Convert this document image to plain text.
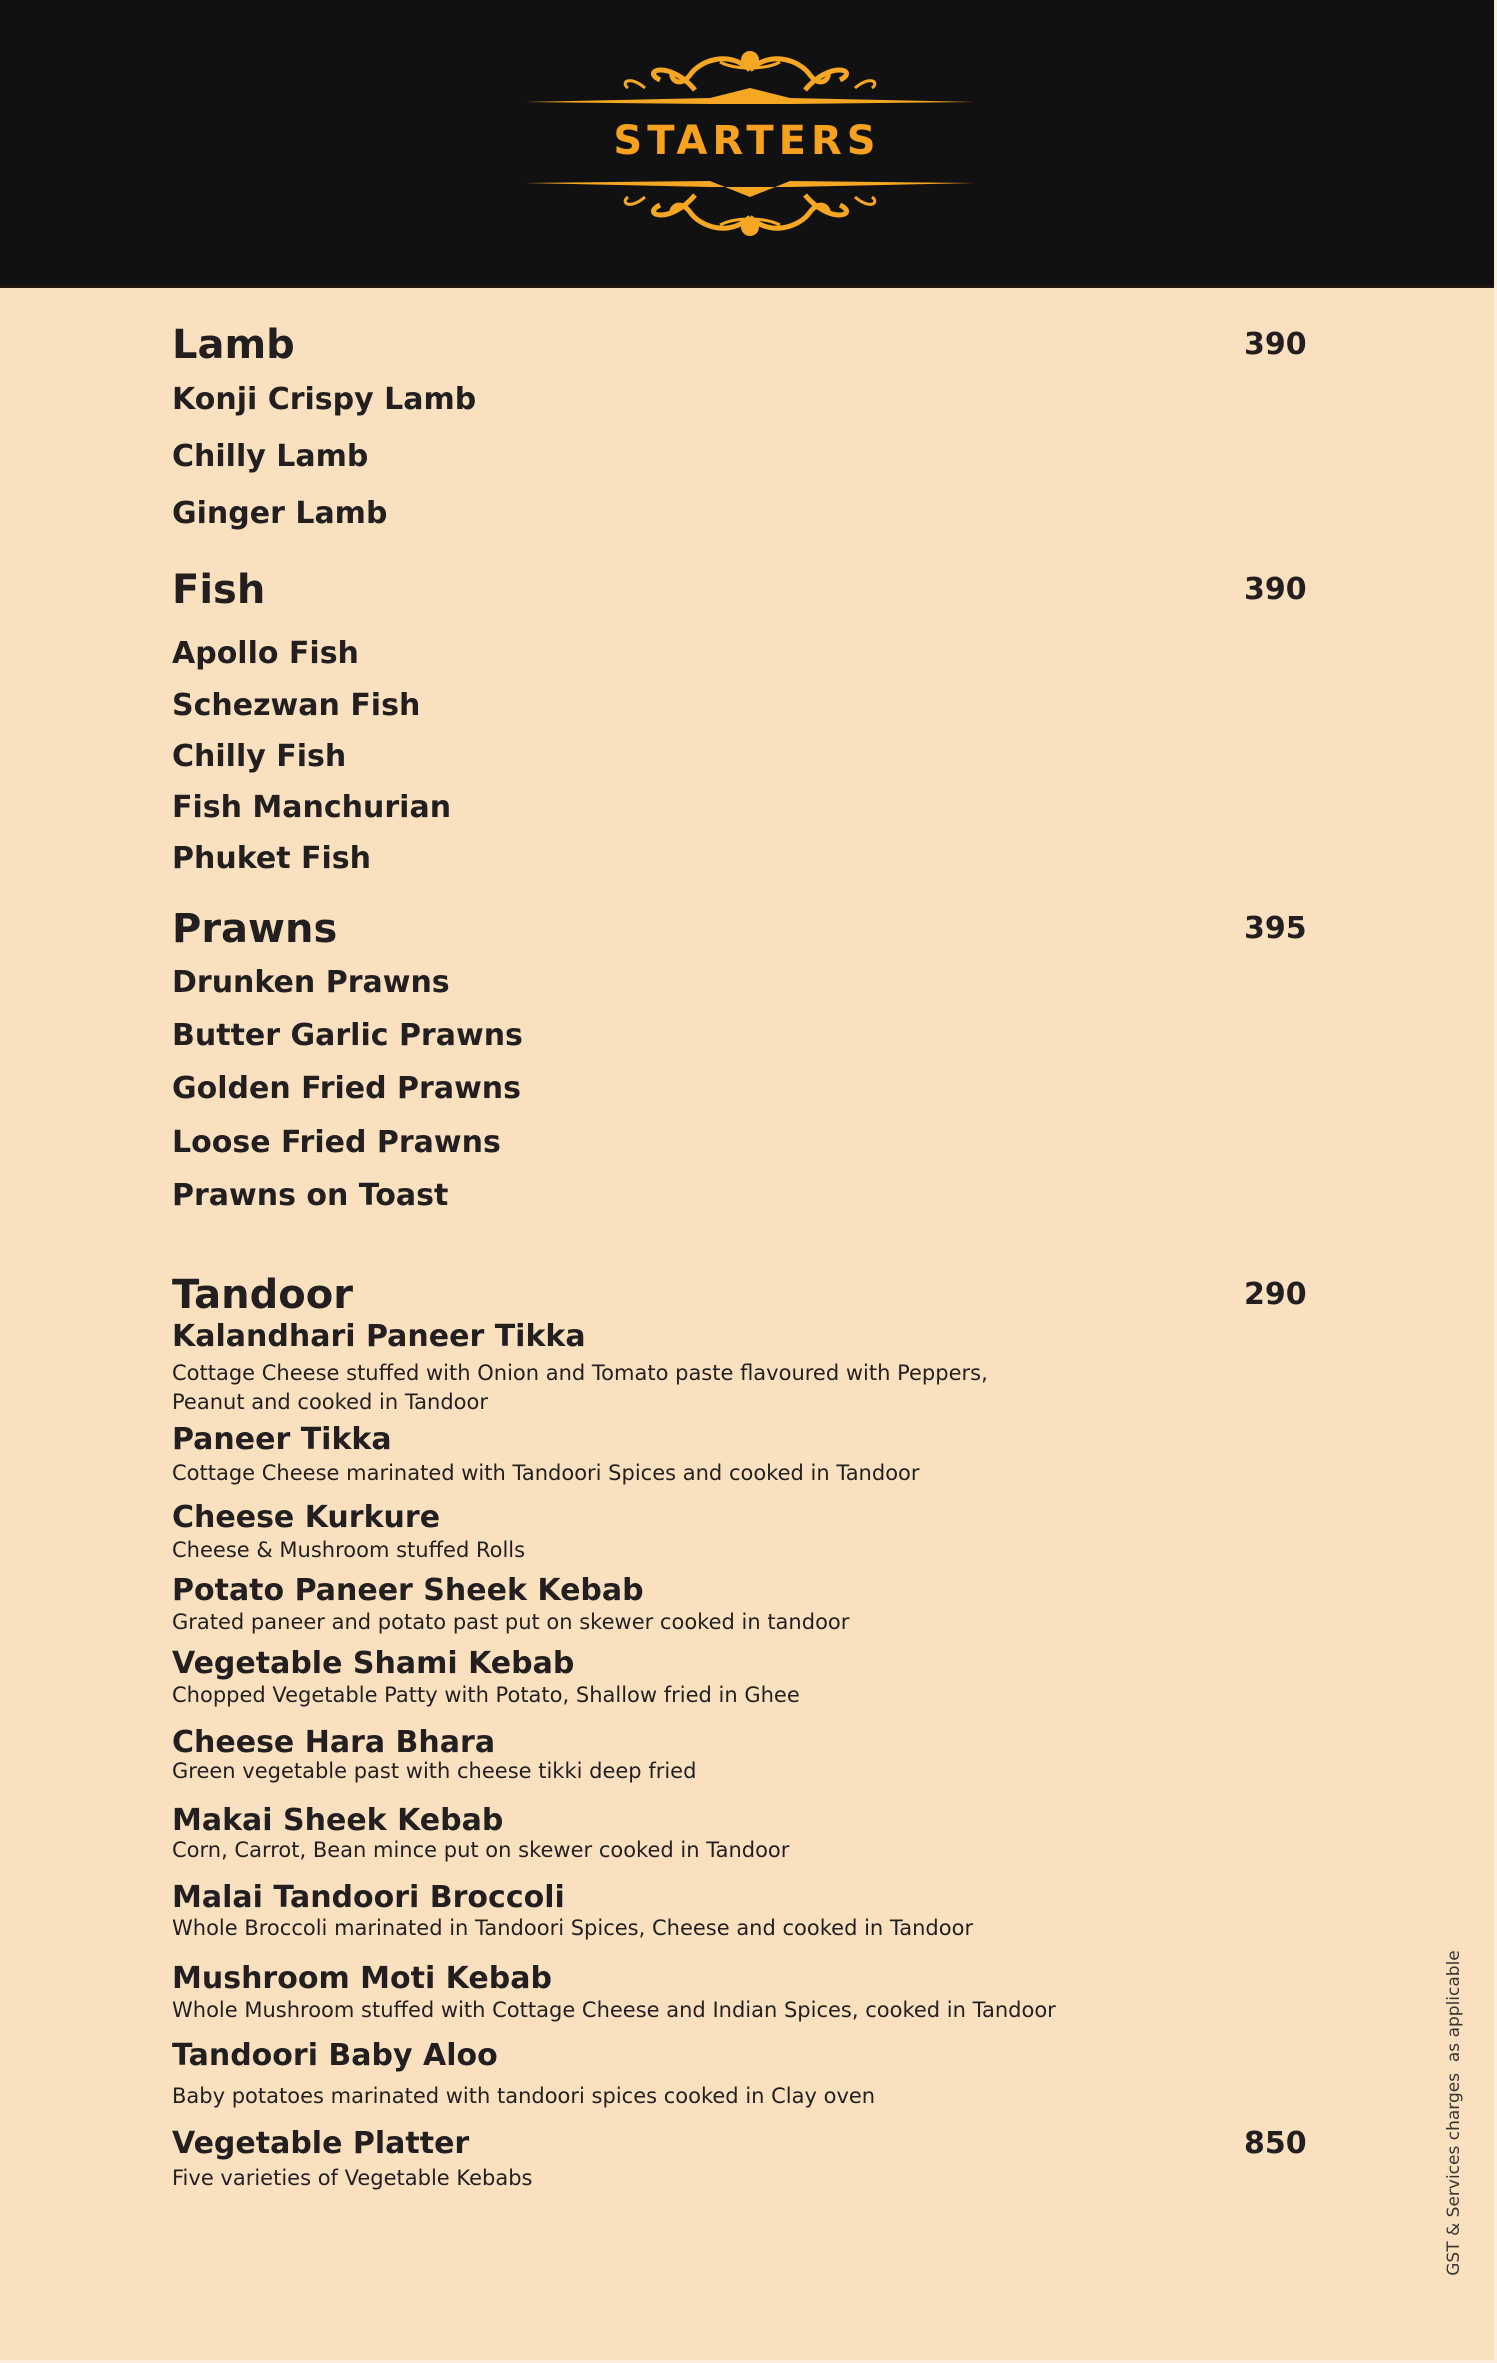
STARTERS
Lamb	390
Konji Crispy Lamb
Chilly Lamb
Ginger Lamb
Fish	390
Apollo Fish
Schezwan Fish
Chilly Fish
Fish Manchurian
Phuket Fish
Prawns	395
Drunken Prawns
Butter Garlic Prawns
Golden Fried Prawns
Loose Fried Prawns
Prawns on Toast
Tandoor	290
Kalandhari Paneer Tikka
Cottage Cheese stuffed with Onion and Tomato paste flavoured with Peppers,
Peanut and cooked in Tandoor
Paneer Tikka
Cottage Cheese marinated with Tandoori Spices and cooked in Tandoor
Cheese Kurkure
Cheese & Mushroom stuffed Rolls
Potato Paneer Sheek Kebab
Grated paneer and potato past put on skewer cooked in tandoor
Vegetable Shami Kebab
Chopped Vegetable Patty with Potato, Shallow fried in Ghee
Cheese Hara Bhara
Green vegetable past with cheese tikki deep fried
Makai Sheek Kebab
Corn, Carrot, Bean mince put on skewer cooked in Tandoor
Malai Tandoori Broccoli
Whole Broccoli marinated in Tandoori Spices, Cheese and cooked in Tandoor
Mushroom Moti Kebab
Whole Mushroom stuffed with Cottage Cheese and Indian Spices, cooked in Tandoor
Tandoori Baby Aloo
Baby potatoes marinated with tandoori spices cooked in Clay oven
Vegetable Platter	850
Five varieties of Vegetable Kebabs	GST & Services charges  as applicable
